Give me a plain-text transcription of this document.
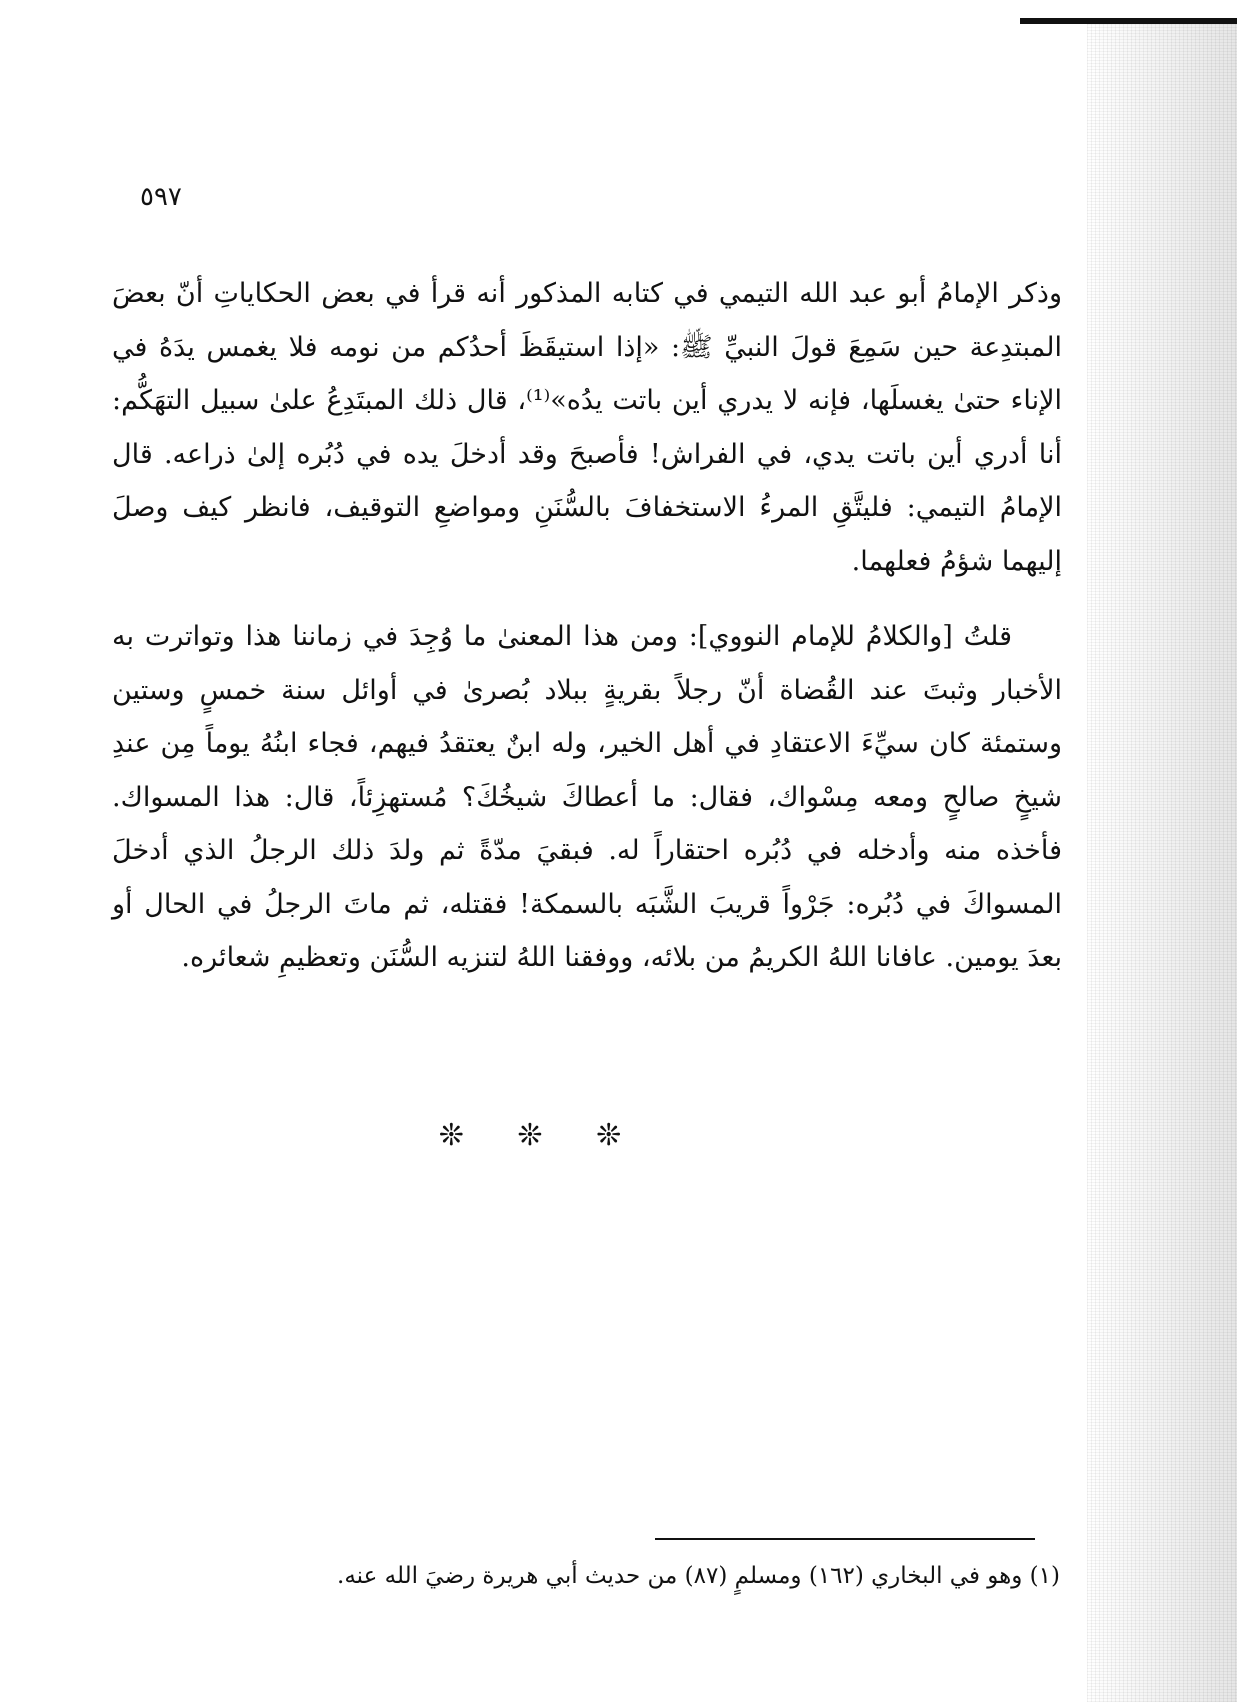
٥٩٧

وذكر الإمامُ أبو عبد الله التيمي في كتابه المذكور أنه قرأ في بعض الحكاياتِ أنّ بعضَ المبتدِعة حين سَمِعَ قولَ النبيِّ ﷺ: «إذا استيقَظَ أحدُكم من نومه فلا يغمس يدَهُ في الإناء حتىٰ يغسلَها، فإنه لا يدري أين باتت يدُه»⁽¹⁾، قال ذلك المبتَدِعُ علىٰ سبيل التهَكُّم: أنا أدري أين باتت يدي، في الفراش! فأصبحَ وقد أدخلَ يده في دُبُره إلىٰ ذراعه. قال الإمامُ التيمي: فليتَّقِ المرءُ الاستخفافَ بالسُّنَنِ ومواضعِ التوقيف، فانظر كيف وصلَ إليهما شؤمُ فعلهما.

قلتُ [والكلامُ للإمام النووي]: ومن هذا المعنىٰ ما وُجِدَ في زماننا هذا وتواترت به الأخبار وثبتَ عند القُضاة أنّ رجلاً بقريةٍ ببلاد بُصرىٰ في أوائل سنة خمسٍ وستين وستمئة كان سيِّءَ الاعتقادِ في أهل الخير، وله ابنٌ يعتقدُ فيهم، فجاء ابنُهُ يوماً مِن عندِ شيخٍ صالحٍ ومعه مِسْواك، فقال: ما أعطاكَ شيخُكَ؟ مُستهزِئاً، قال: هذا المسواك. فأخذه منه وأدخله في دُبُره احتقاراً له. فبقيَ مدّةً ثم ولدَ ذلك الرجلُ الذي أدخلَ المسواكَ في دُبُره: جَرْواً قريبَ الشَّبَه بالسمكة! فقتله، ثم ماتَ الرجلُ في الحال أو بعدَ يومين. عافانا اللهُ الكريمُ من بلائه، ووفقنا اللهُ لتنزيه السُّنَن وتعظيمِ شعائره.

❊ ❊ ❊
(١) وهو في البخاري (١٦٢) ومسلمٍ (٨٧) من حديث أبي هريرة رضيَ الله عنه.
